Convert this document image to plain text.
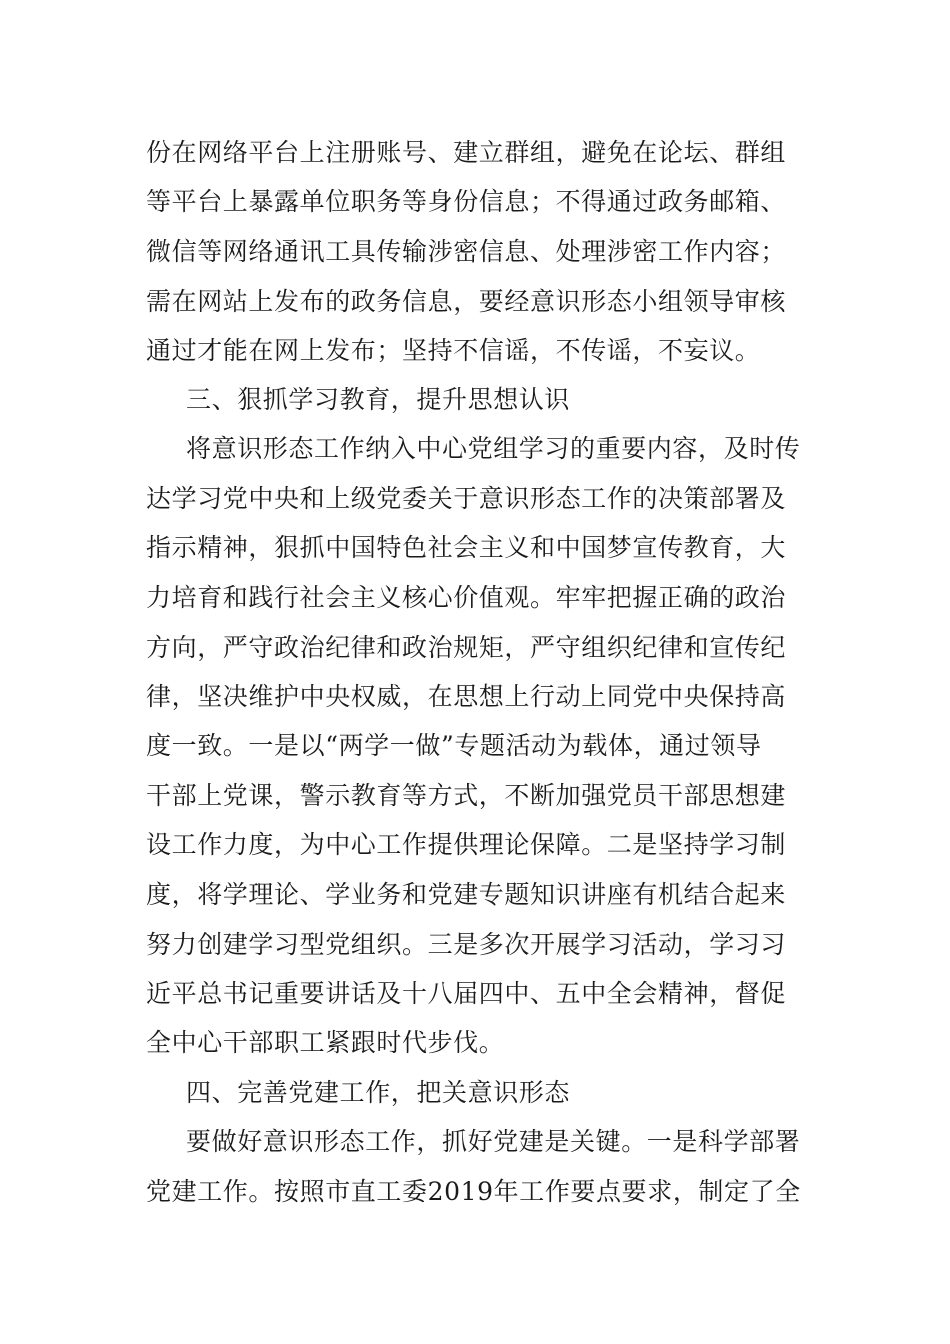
份在网络平台上注册账号、建立群组，避免在论坛、群组
等平台上暴露单位职务等身份信息；不得通过政务邮箱、
微信等网络通讯工具传输涉密信息、处理涉密工作内容；
需在网站上发布的政务信息，要经意识形态小组领导审核
通过才能在网上发布；坚持不信谣，不传谣，不妄议。
三、狠抓学习教育，提升思想认识
将意识形态工作纳入中心党组学习的重要内容，及时传
达学习党中央和上级党委关于意识形态工作的决策部署及
指示精神，狠抓中国特色社会主义和中国梦宣传教育，大
力培育和践行社会主义核心价值观。牢牢把握正确的政治
方向，严守政治纪律和政治规矩，严守组织纪律和宣传纪
律，坚决维护中央权威，在思想上行动上同党中央保持高
度一致。一是以“两学一做”专题活动为载体，通过领导
干部上党课，警示教育等方式，不断加强党员干部思想建
设工作力度，为中心工作提供理论保障。二是坚持学习制
度，将学理论、学业务和党建专题知识讲座有机结合起来
努力创建学习型党组织。三是多次开展学习活动，学习习
近平总书记重要讲话及十八届四中、五中全会精神，督促
全中心干部职工紧跟时代步伐。
四、完善党建工作，把关意识形态
要做好意识形态工作，抓好党建是关键。一是科学部署
党建工作。按照市直工委2019年工作要点要求，制定了全
